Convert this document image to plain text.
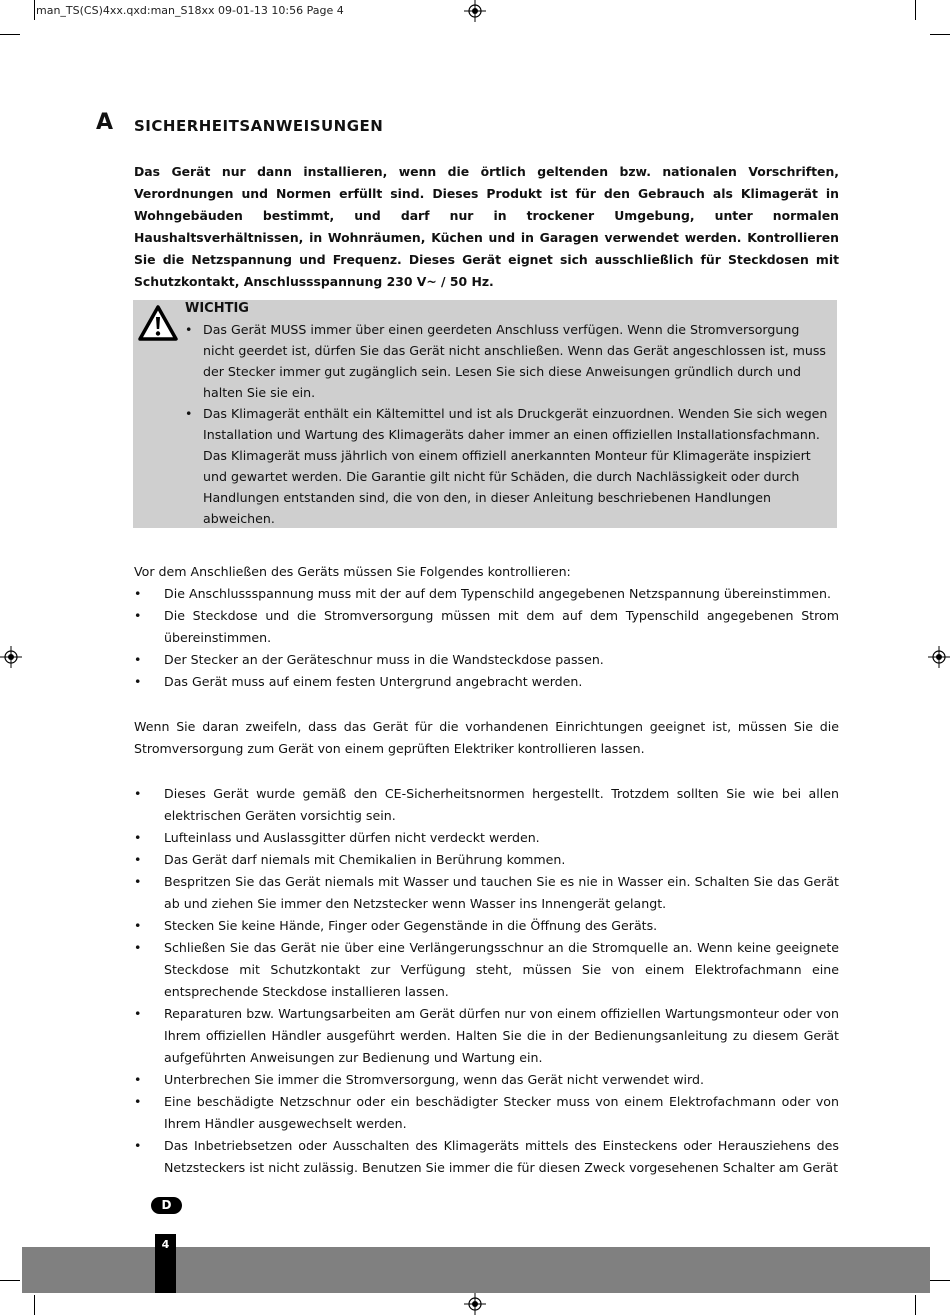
man_TS(CS)4xx.qxd:man_S18xx 09-01-13 10:56 Page 4
A SICHERHEITSANWEISUNGEN

Das Gerät nur dann installieren, wenn die örtlich geltenden bzw. nationalen Vorschriften, Verordnungen und Normen erfüllt sind. Dieses Produkt ist für den Gebrauch als Klimagerät in Wohngebäuden bestimmt, und darf nur in trockener Umgebung, unter normalen Haushaltsverhältnissen, in Wohnräumen, Küchen und in Garagen verwendet werden. Kontrollieren Sie die Netzspannung und Frequenz. Dieses Gerät eignet sich ausschließlich für Steckdosen mit Schutzkontakt, Anschlussspannung 230 V~ / 50 Hz.

WICHTIG
• Das Gerät MUSS immer über einen geerdeten Anschluss verfügen. Wenn die Stromversorgung nicht geerdet ist, dürfen Sie das Gerät nicht anschließen. Wenn das Gerät angeschlossen ist, muss der Stecker immer gut zugänglich sein. Lesen Sie sich diese Anweisungen gründlich durch und halten Sie sie ein.
• Das Klimagerät enthält ein Kältemittel und ist als Druckgerät einzuordnen. Wenden Sie sich wegen Installation und Wartung des Klimageräts daher immer an einen offiziellen Installationsfachmann. Das Klimagerät muss jährlich von einem offiziell anerkannten Monteur für Klimageräte inspiziert und gewartet werden. Die Garantie gilt nicht für Schäden, die durch Nachlässigkeit oder durch Handlungen entstanden sind, die von den, in dieser Anleitung beschriebenen Handlungen abweichen.

Vor dem Anschließen des Geräts müssen Sie Folgendes kontrollieren:

• Die Anschlussspannung muss mit der auf dem Typenschild angegebenen Netzspannung übereinstimmen.
• Die Steckdose und die Stromversorgung müssen mit dem auf dem Typenschild angegebenen Strom übereinstimmen.
• Der Stecker an der Geräteschnur muss in die Wandsteckdose passen.
• Das Gerät muss auf einem festen Untergrund angebracht werden.

Wenn Sie daran zweifeln, dass das Gerät für die vorhandenen Einrichtungen geeignet ist, müssen Sie die Stromversorgung zum Gerät von einem geprüften Elektriker kontrollieren lassen.

• Dieses Gerät wurde gemäß den CE-Sicherheitsnormen hergestellt. Trotzdem sollten Sie wie bei allen elektrischen Geräten vorsichtig sein.
• Lufteinlass und Auslassgitter dürfen nicht verdeckt werden.
• Das Gerät darf niemals mit Chemikalien in Berührung kommen.
• Bespritzen Sie das Gerät niemals mit Wasser und tauchen Sie es nie in Wasser ein. Schalten Sie das Gerät ab und ziehen Sie immer den Netzstecker wenn Wasser ins Innengerät gelangt.
• Stecken Sie keine Hände, Finger oder Gegenstände in die Öffnung des Geräts.
• Schließen Sie das Gerät nie über eine Verlängerungsschnur an die Stromquelle an. Wenn keine geeignete Steckdose mit Schutzkontakt zur Verfügung steht, müssen Sie von einem Elektrofachmann eine entsprechende Steckdose installieren lassen.
• Reparaturen bzw. Wartungsarbeiten am Gerät dürfen nur von einem offiziellen Wartungsmonteur oder von Ihrem offiziellen Händler ausgeführt werden. Halten Sie die in der Bedienungsanleitung zu diesem Gerät aufgeführten Anweisungen zur Bedienung und Wartung ein.
• Unterbrechen Sie immer die Stromversorgung, wenn das Gerät nicht verwendet wird.
• Eine beschädigte Netzschnur oder ein beschädigter Stecker muss von einem Elektrofachmann oder von Ihrem Händler ausgewechselt werden.
• Das Inbetriebsetzen oder Ausschalten des Klimageräts mittels des Einsteckens oder Herausziehens des Netzsteckers ist nicht zulässig. Benutzen Sie immer die für diesen Zweck vorgesehenen Schalter am Gerät
D
4
